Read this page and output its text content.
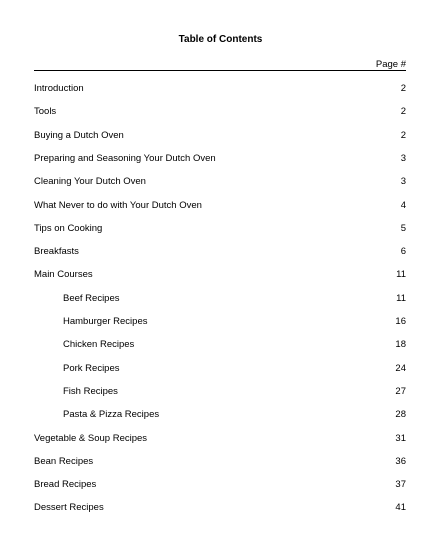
Table of Contents
Page #
Introduction	2
Tools	2
Buying a Dutch Oven	2
Preparing and Seasoning Your Dutch Oven	3
Cleaning Your Dutch Oven	3
What Never to do with Your Dutch Oven	4
Tips on Cooking	5
Breakfasts	6
Main Courses	11
Beef Recipes	11
Hamburger Recipes	16
Chicken Recipes	18
Pork Recipes	24
Fish Recipes	27
Pasta & Pizza Recipes	28
Vegetable & Soup Recipes	31
Bean Recipes	36
Bread Recipes	37
Dessert Recipes	41
